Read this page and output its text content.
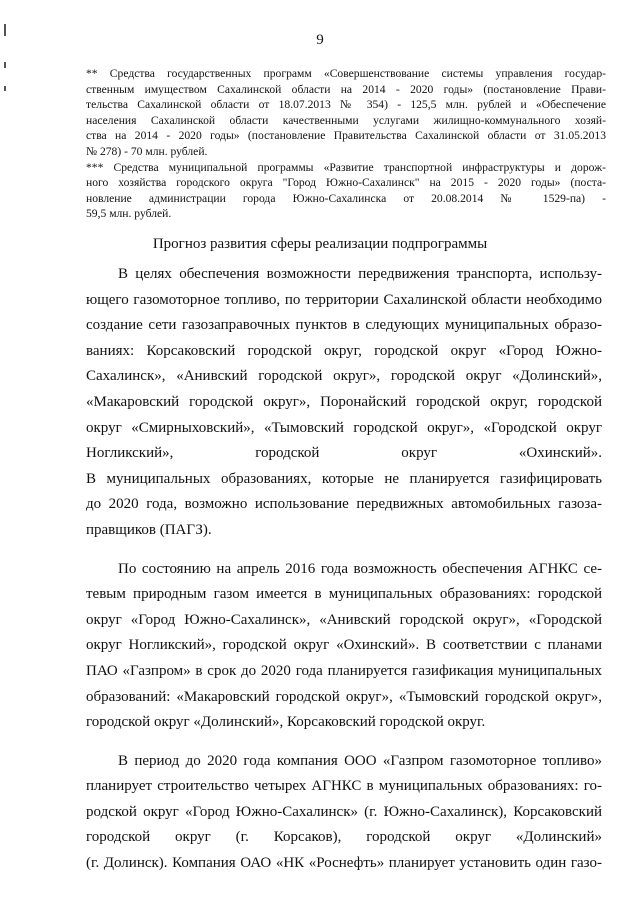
9
** Средства государственных программ «Совершенствование системы управления государ-
ственным имуществом Сахалинской области на 2014 - 2020 годы» (постановление Прави-
тельства Сахалинской области от 18.07.2013 № 354) - 125,5 млн. рублей и «Обеспечение
населения Сахалинской области качественными услугами жилищно-коммунального хозяй-
ства на 2014 - 2020 годы» (постановление Правительства Сахалинской области от 31.05.2013
№ 278) - 70 млн. рублей.
*** Средства муниципальной программы «Развитие транспортной инфраструктуры и дорож-
ного хозяйства городского округа "Город Южно-Сахалинск" на 2015 - 2020 годы» (поста-
новление администрации города Южно-Сахалинска от 20.08.2014 № 1529-па) -
59,5 млн. рублей.
Прогноз развития сферы реализации подпрограммы
В целях обеспечения возможности передвижения транспорта, использу-
ющего газомоторное топливо, по территории Сахалинской области необходимо
создание сети газозаправочных пунктов в следующих муниципальных образо-
ваниях: Корсаковский городской округ, городской округ «Город Южно-
Сахалинск», «Анивский городской округ», городской округ «Долинский»,
«Макаровский городской округ», Поронайский городской округ, городской
округ «Смирныховский», «Тымовский городской округ», «Городской округ
Ногликский», городской округ «Охинский».
В муниципальных образованиях, которые не планируется газифицировать
до 2020 года, возможно использование передвижных автомобильных газоза-
правщиков (ПАГЗ).
По состоянию на апрель 2016 года возможность обеспечения АГНКС се-
тевым природным газом имеется в муниципальных образованиях: городской
округ «Город Южно-Сахалинск», «Анивский городской округ», «Городской
округ Ногликский», городской округ «Охинский». В соответствии с планами
ПАО «Газпром» в срок до 2020 года планируется газификация муниципальных
образований: «Макаровский городской округ», «Тымовский городской округ»,
городской округ «Долинский», Корсаковский городской округ.
В период до 2020 года компания ООО «Газпром газомоторное топливо»
планирует строительство четырех АГНКС в муниципальных образованиях: го-
родской округ «Город Южно-Сахалинск» (г. Южно-Сахалинск), Корсаковский
городской округ (г. Корсаков), городской округ «Долинский»
(г. Долинск). Компания ОАО «НК «Роснефть» планирует установить один газо-
